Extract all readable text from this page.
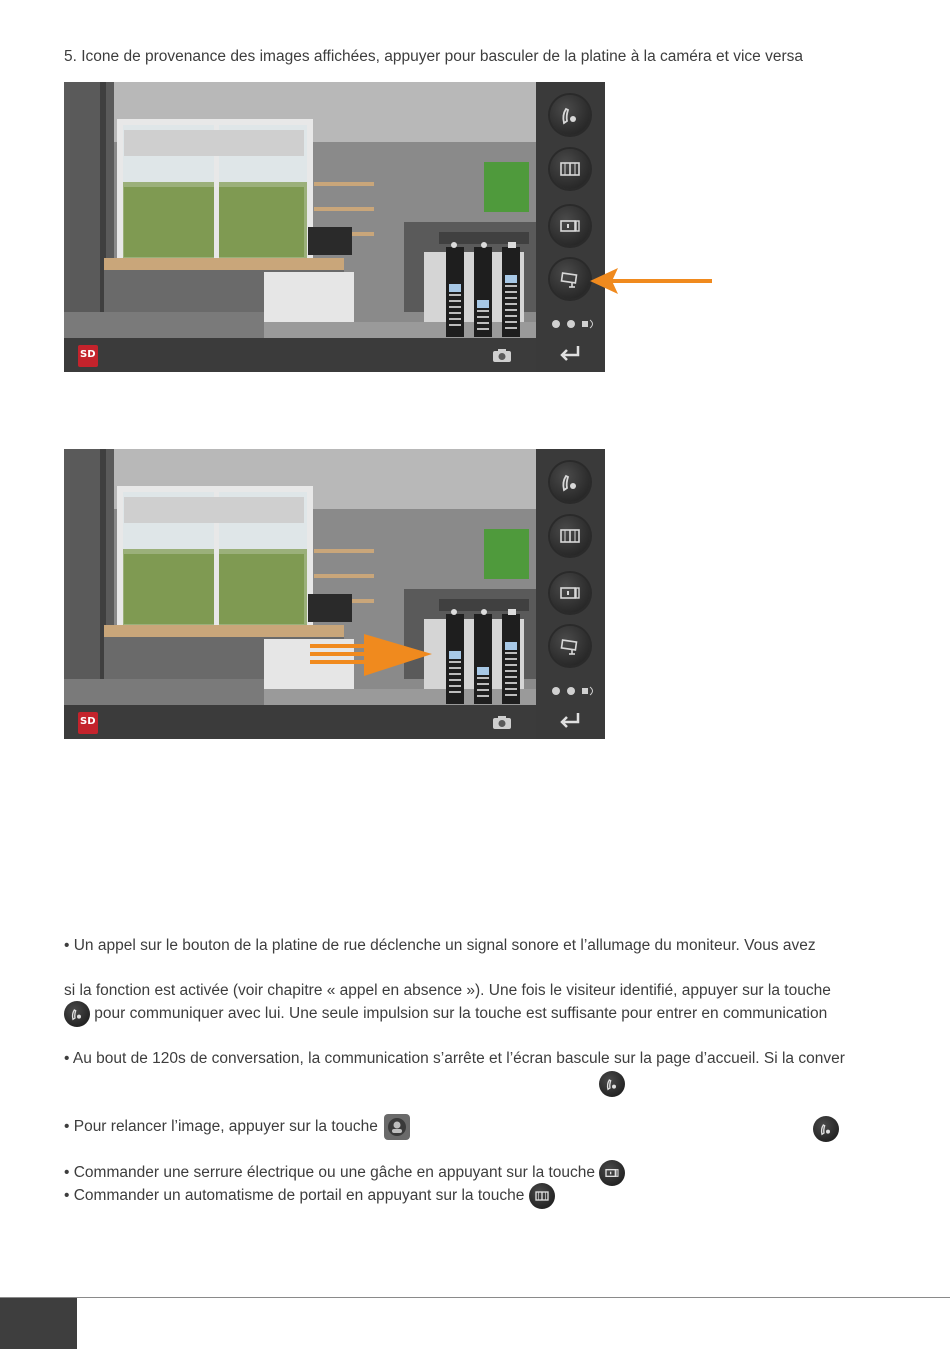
5. Icone de provenance des images affichées, appuyer pour basculer de la platine à la caméra et vice versa
SD
SD
• Un appel sur le bouton de la platine de rue déclenche un signal sonore et l’allumage du moniteur. Vous avez
si la fonction est activée (voir chapitre « appel en absence »). Une fois le visiteur identifié, appuyer sur la touche
pour communiquer avec lui. Une seule impulsion sur la touche est suffisante pour entrer en communication
• Au bout de 120s de conversation, la communication s’arrête et l’écran bascule sur la page d’accueil. Si la conver
• Pour relancer l’image, appuyer sur la touche
• Commander une serrure électrique ou une gâche en appuyant sur la touche
• Commander un automatisme de portail en appuyant sur la touche
